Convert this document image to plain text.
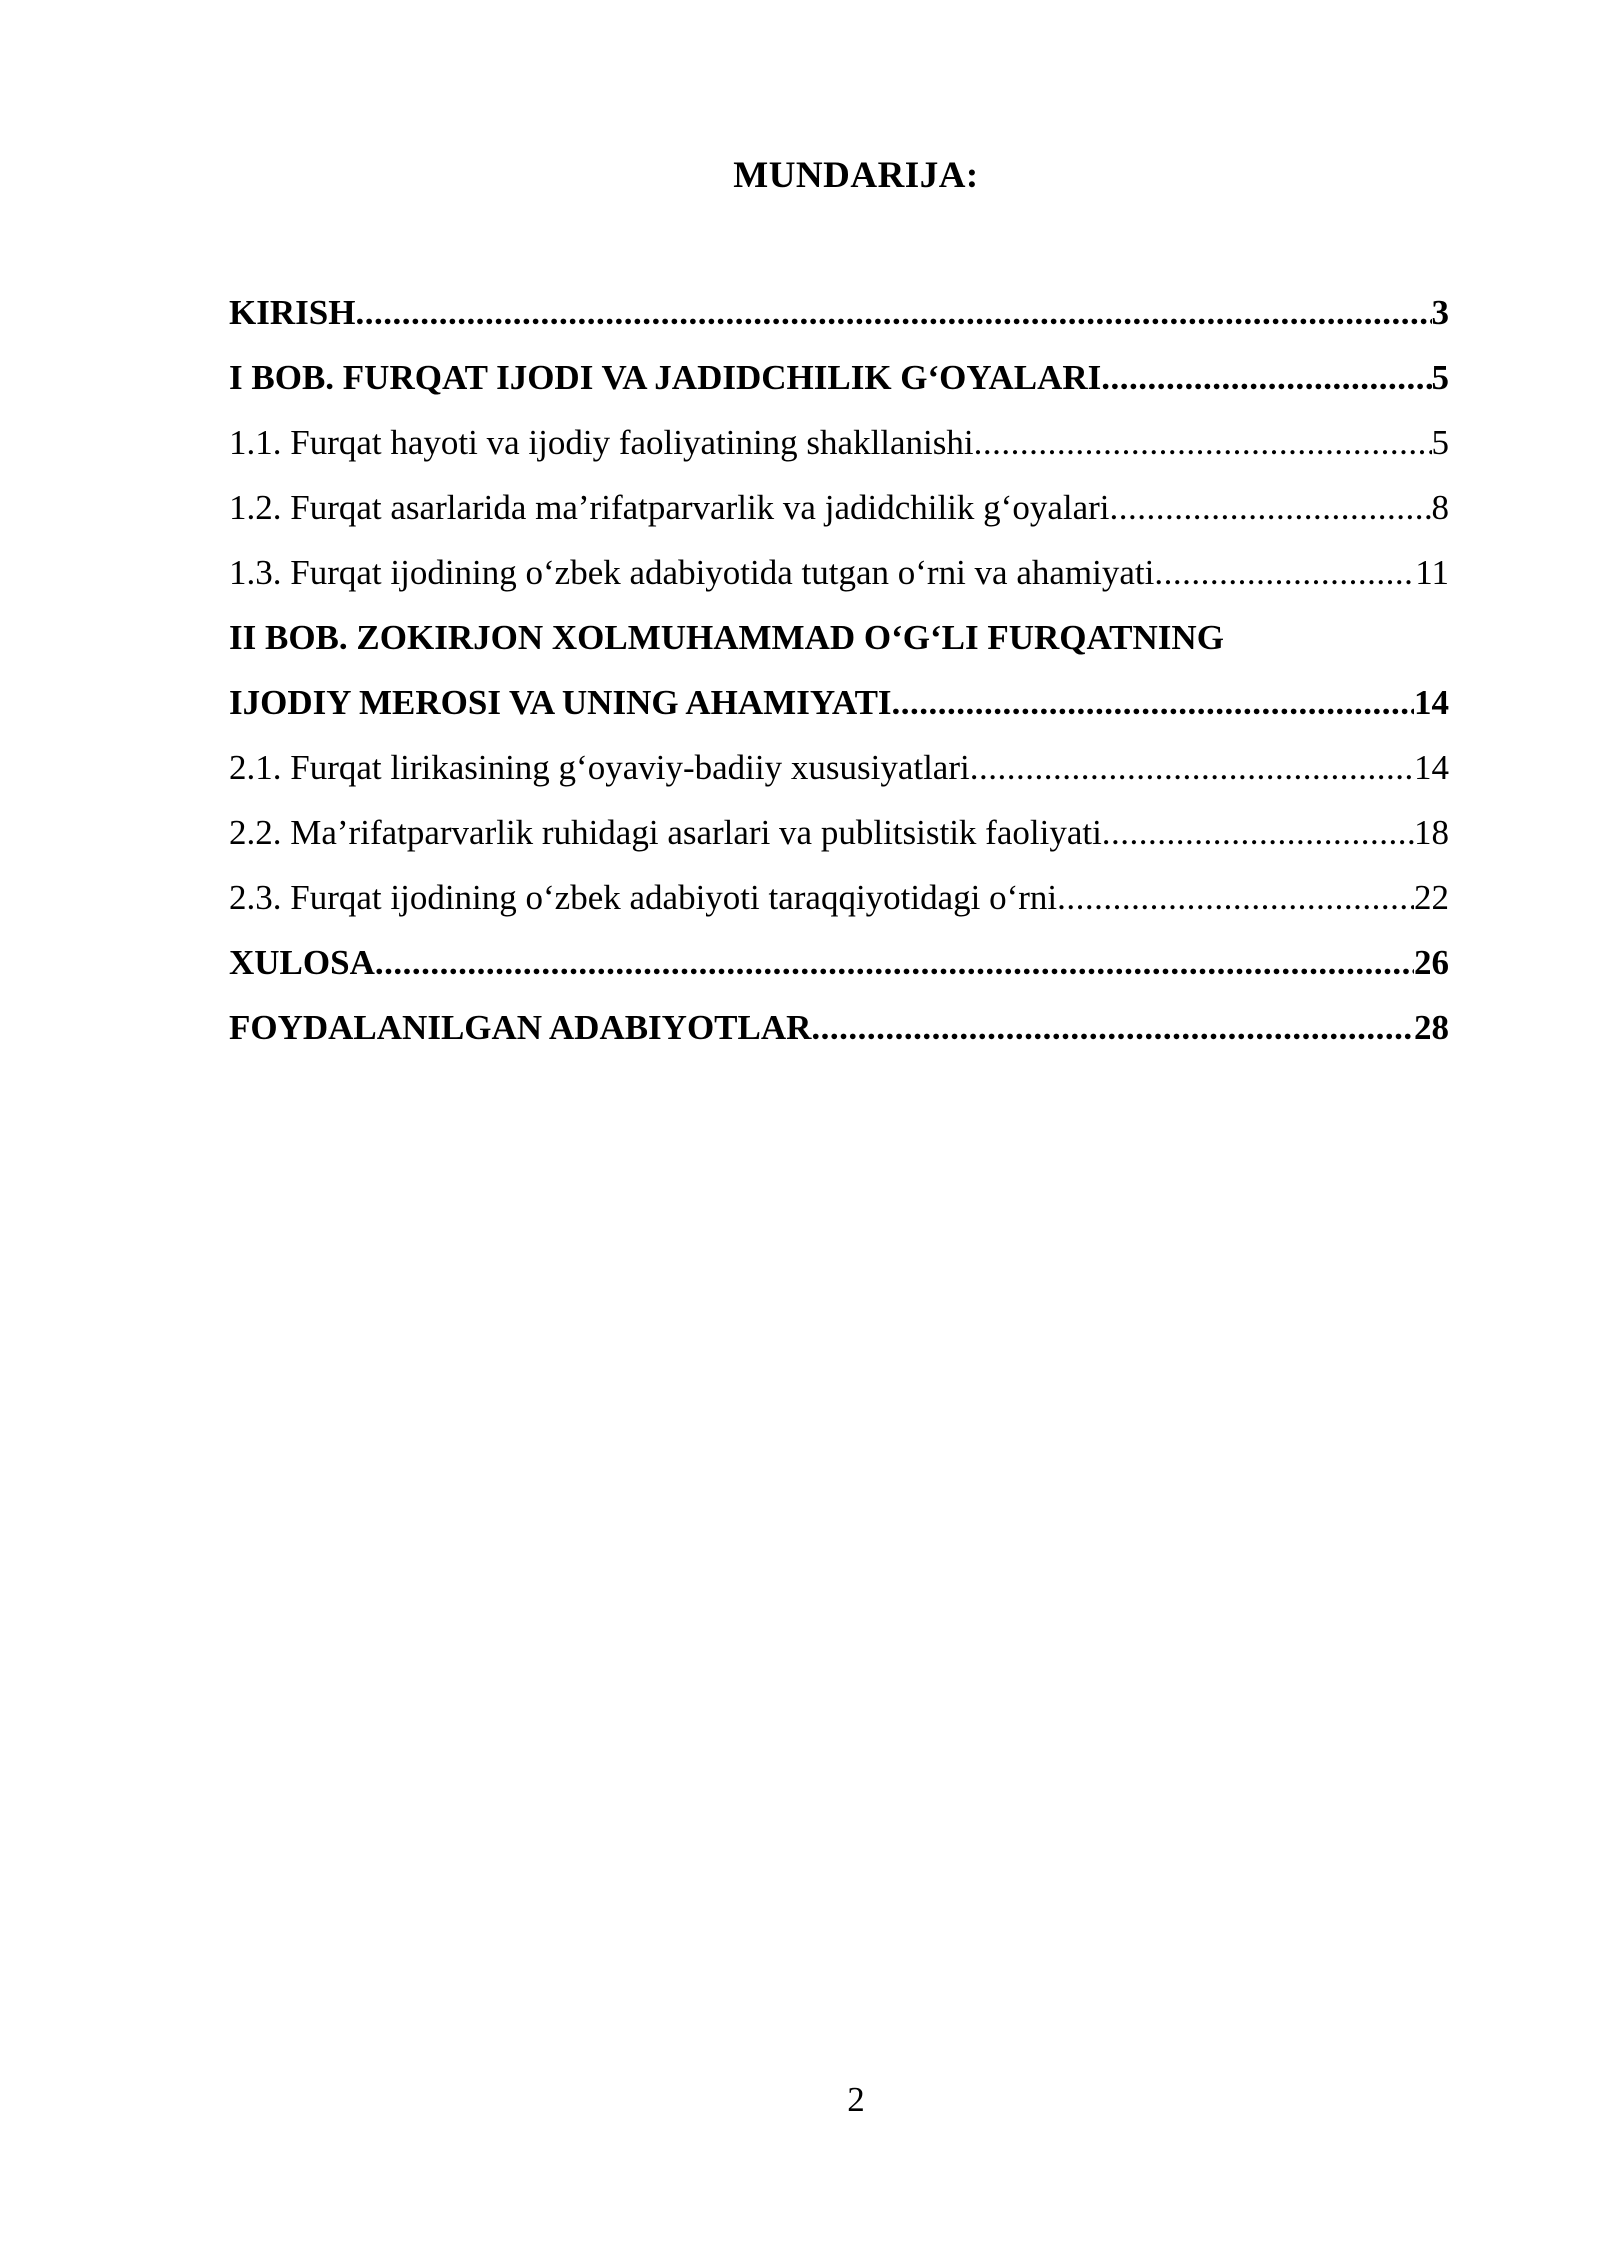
MUNDARIJA:
KIRISH .....	3
I BOB. FURQAT IJODI VA JADIDCHILIK G‘OYALARI .....	5
1.1. Furqat hayoti va ijodiy faoliyatining shakllanishi .....	5
1.2. Furqat asarlarida ma’rifatparvarlik va jadidchilik g‘oyalari .....	8
1.3. Furqat ijodining o‘zbek adabiyotida tutgan o‘rni va ahamiyati .....	11
II BOB. ZOKIRJON XOLMUHAMMAD O‘G‘LI FURQATNING
IJODIY MEROSI VA UNING AHAMIYATI .....	14
2.1. Furqat lirikasining g‘oyaviy-badiiy xususiyatlari .....	14
2.2. Ma’rifatparvarlik ruhidagi asarlari va publitsistik faoliyati .....	18
2.3. Furqat ijodining o‘zbek adabiyoti taraqqiyotidagi o‘rni .....	22
XULOSA .....	26
FOYDALANILGAN ADABIYOTLAR .....	28
2
